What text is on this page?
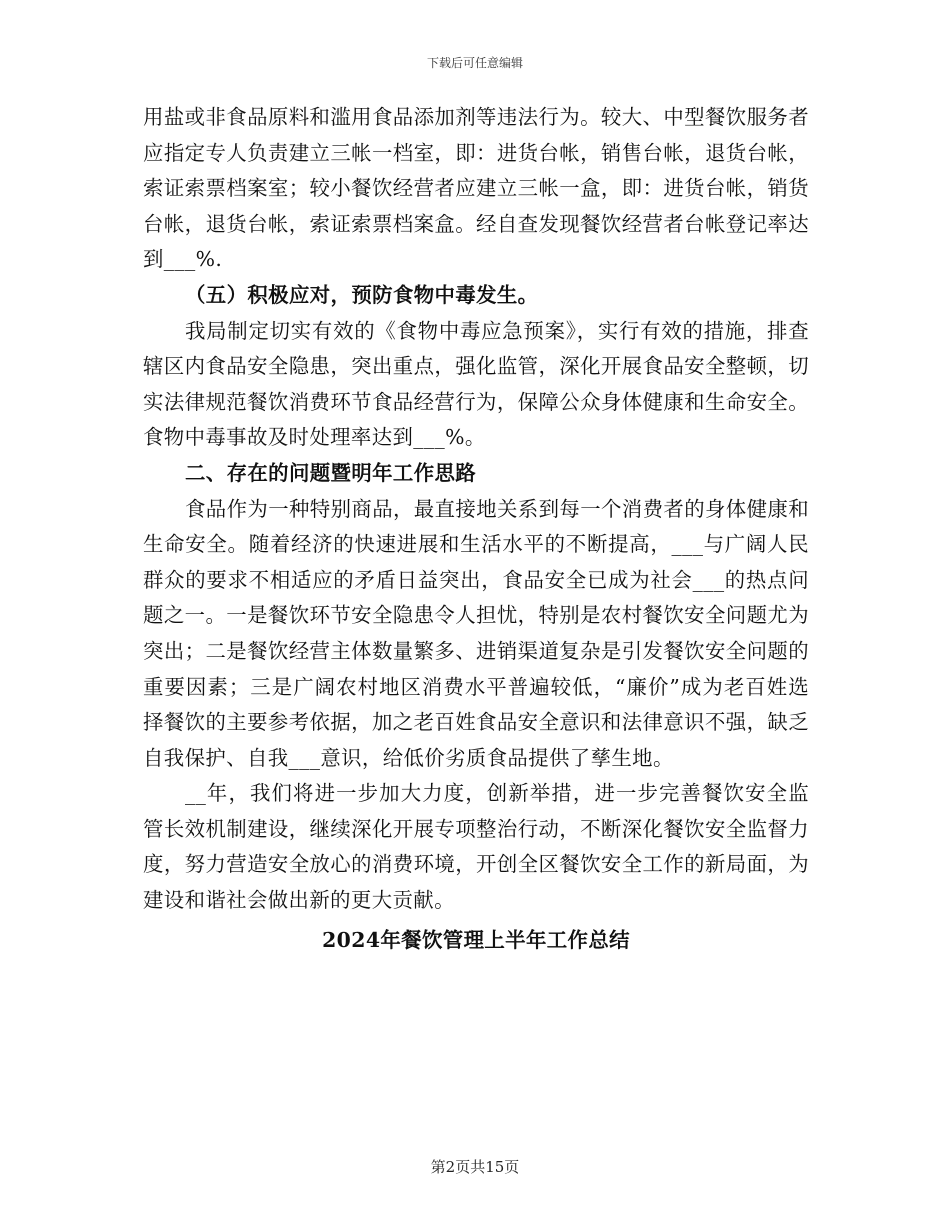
下载后可任意编辑

用盐或非食品原料和滥用食品添加剂等违法行为。较大、中型餐饮服务者应指定专人负责建立三帐一档室，即：进货台帐，销售台帐，退货台帐，索证索票档案室；较小餐饮经营者应建立三帐一盒，即：进货台帐，销货台帐，退货台帐，索证索票档案盒。经自查发现餐饮经营者台帐登记率达到___%.

（五）积极应对，预防食物中毒发生。

我局制定切实有效的《食物中毒应急预案》，实行有效的措施，排查辖区内食品安全隐患，突出重点，强化监管，深化开展食品安全整顿，切实法律规范餐饮消费环节食品经营行为，保障公众身体健康和生命安全。食物中毒事故及时处理率达到___%。

二、存在的问题暨明年工作思路

食品作为一种特别商品，最直接地关系到每一个消费者的身体健康和生命安全。随着经济的快速进展和生活水平的不断提高，___与广阔人民群众的要求不相适应的矛盾日益突出，食品安全已成为社会___的热点问题之一。一是餐饮环节安全隐患令人担忧，特别是农村餐饮安全问题尤为突出；二是餐饮经营主体数量繁多、进销渠道复杂是引发餐饮安全问题的重要因素；三是广阔农村地区消费水平普遍较低，“廉价”成为老百姓选择餐饮的主要参考依据，加之老百姓食品安全意识和法律意识不强，缺乏自我保护、自我___意识，给低价劣质食品提供了孳生地。

__年，我们将进一步加大力度，创新举措，进一步完善餐饮安全监管长效机制建设，继续深化开展专项整治行动，不断深化餐饮安全监督力度，努力营造安全放心的消费环境，开创全区餐饮安全工作的新局面，为建设和谐社会做出新的更大贡献。

2024年餐饮管理上半年工作总结

第2页共15页
